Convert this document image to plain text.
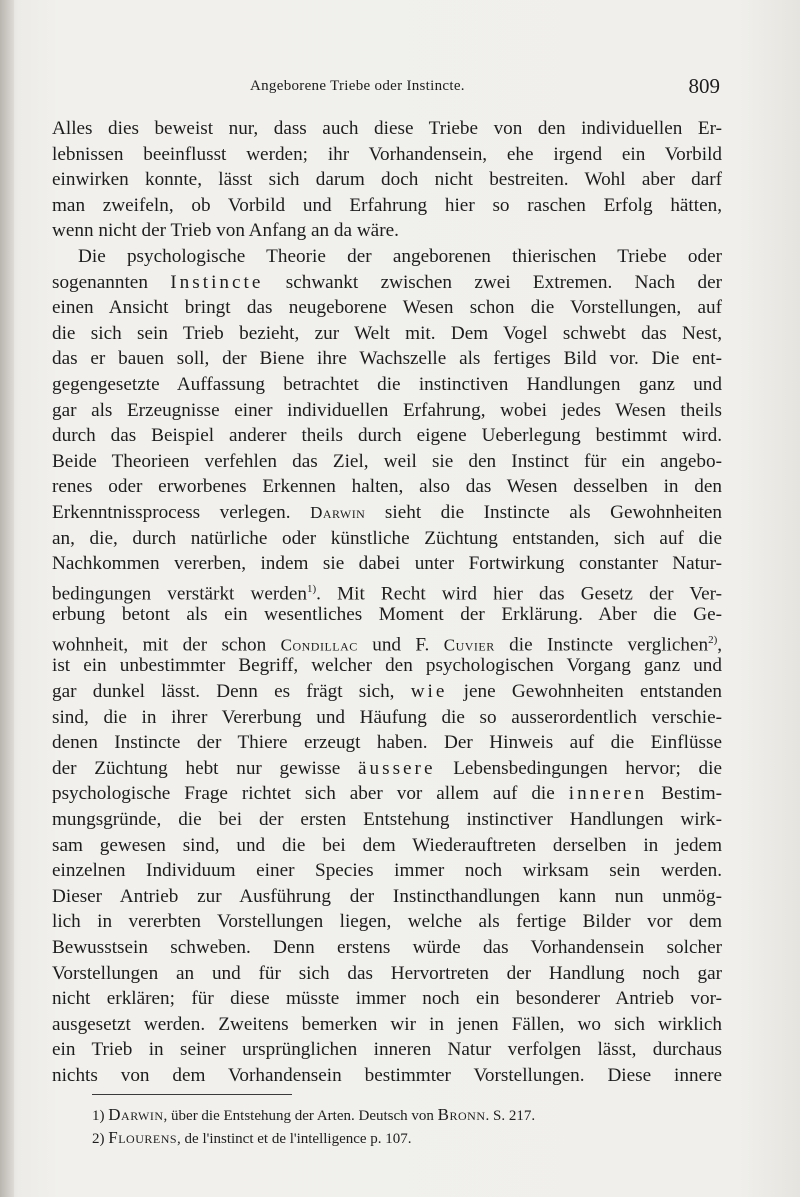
Angeborene Triebe oder Instincte.	809
Alles dies beweist nur, dass auch diese Triebe von den individuellen Er-
lebnissen beeinflusst werden; ihr Vorhandensein, ehe irgend ein Vorbild
einwirken konnte, lässt sich darum doch nicht bestreiten. Wohl aber darf
man zweifeln, ob Vorbild und Erfahrung hier so raschen Erfolg hätten,
wenn nicht der Trieb von Anfang an da wäre.
Die psychologische Theorie der angeborenen thierischen Triebe oder
sogenannten Instincte schwankt zwischen zwei Extremen. Nach der
einen Ansicht bringt das neugeborene Wesen schon die Vorstellungen, auf
die sich sein Trieb bezieht, zur Welt mit. Dem Vogel schwebt das Nest,
das er bauen soll, der Biene ihre Wachszelle als fertiges Bild vor. Die ent-
gegengesetzte Auffassung betrachtet die instinctiven Handlungen ganz und
gar als Erzeugnisse einer individuellen Erfahrung, wobei jedes Wesen theils
durch das Beispiel anderer theils durch eigene Ueberlegung bestimmt wird.
Beide Theorieen verfehlen das Ziel, weil sie den Instinct für ein angebo-
renes oder erworbenes Erkennen halten, also das Wesen desselben in den
Erkenntnissprocess verlegen. Darwin sieht die Instincte als Gewohnheiten
an, die, durch natürliche oder künstliche Züchtung entstanden, sich auf die
Nachkommen vererben, indem sie dabei unter Fortwirkung constanter Natur-
bedingungen verstärkt werden$^{1)}$. Mit Recht wird hier das Gesetz der Ver-
erbung betont als ein wesentliches Moment der Erklärung. Aber die Ge-
wohnheit, mit der schon Condillac und F. Cuvier die Instincte verglichen$^{2)}$,
ist ein unbestimmter Begriff, welcher den psychologischen Vorgang ganz und
gar dunkel lässt. Denn es frägt sich, wie jene Gewohnheiten entstanden
sind, die in ihrer Vererbung und Häufung die so ausserordentlich verschie-
denen Instincte der Thiere erzeugt haben. Der Hinweis auf die Einflüsse
der Züchtung hebt nur gewisse äussere Lebensbedingungen hervor; die
psychologische Frage richtet sich aber vor allem auf die inneren Bestim-
mungsgründe, die bei der ersten Entstehung instinctiver Handlungen wirk-
sam gewesen sind, und die bei dem Wiederauftreten derselben in jedem
einzelnen Individuum einer Species immer noch wirksam sein werden.
Dieser Antrieb zur Ausführung der Instincthandlungen kann nun unmög-
lich in vererbten Vorstellungen liegen, welche als fertige Bilder vor dem
Bewusstsein schweben. Denn erstens würde das Vorhandensein solcher
Vorstellungen an und für sich das Hervortreten der Handlung noch gar
nicht erklären; für diese müsste immer noch ein besonderer Antrieb vor-
ausgesetzt werden. Zweitens bemerken wir in jenen Fällen, wo sich wirklich
ein Trieb in seiner ursprünglichen inneren Natur verfolgen lässt, durchaus
nichts von dem Vorhandensein bestimmter Vorstellungen. Diese innere
1) Darwin, über die Entstehung der Arten. Deutsch von Bronn. S. 217.
2) Flourens, de l'instinct et de l'intelligence p. 107.
